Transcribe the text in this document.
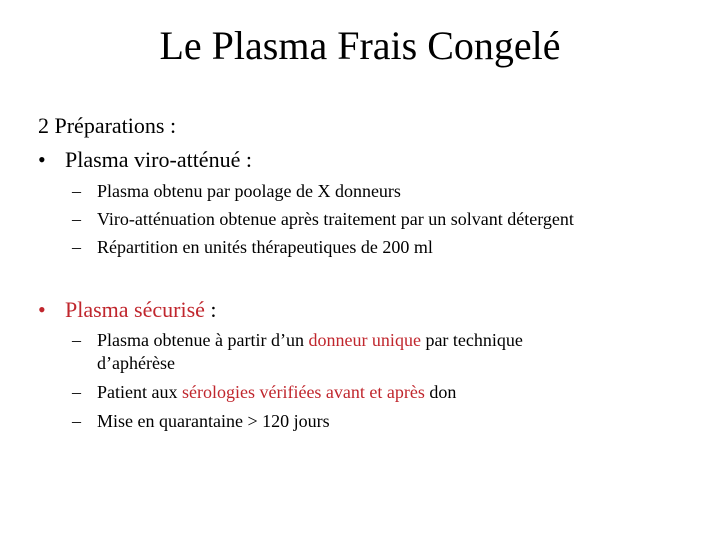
Le Plasma Frais Congelé
2 Préparations :
• Plasma viro-atténué :
– Plasma obtenu par poolage de X donneurs
– Viro-atténuation obtenue après traitement par un solvant détergent
– Répartition en unités thérapeutiques de 200 ml
• Plasma sécurisé :
– Plasma obtenue à partir d’un donneur unique par technique
d’aphérèse
– Patient aux sérologies vérifiées avant et après don
– Mise en quarantaine > 120 jours
